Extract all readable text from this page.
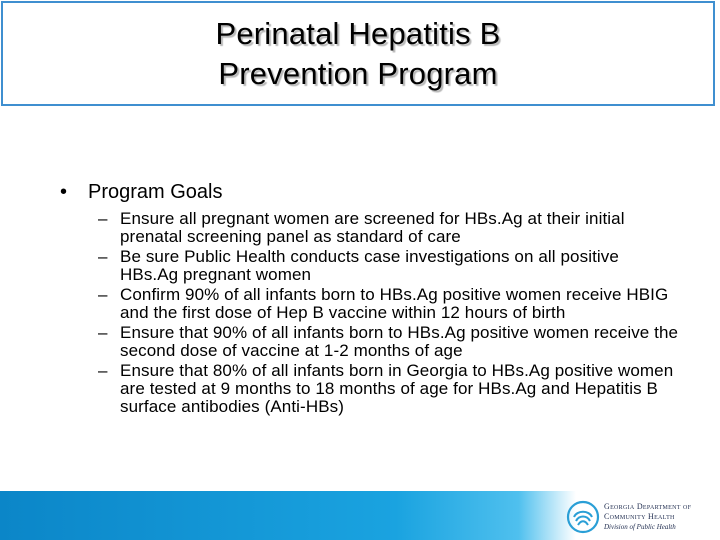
Perinatal Hepatitis B
Prevention Program
•	Program Goals
– Ensure all pregnant women are screened for HBs.Ag at their initial prenatal screening panel as standard of care
– Be sure Public Health conducts case investigations on all positive HBs.Ag pregnant women
– Confirm 90% of all infants born to HBs.Ag positive women receive HBIG and the first dose of Hep B vaccine within 12 hours of birth
– Ensure that 90% of all infants born to HBs.Ag positive women receive the second dose of vaccine at 1-2 months of age
– Ensure that 80% of all infants born in Georgia to HBs.Ag positive women are tested at 9 months to 18 months of age for HBs.Ag and Hepatitis B surface antibodies (Anti-HBs)
Georgia Department of
Community Health
Division of Public Health
